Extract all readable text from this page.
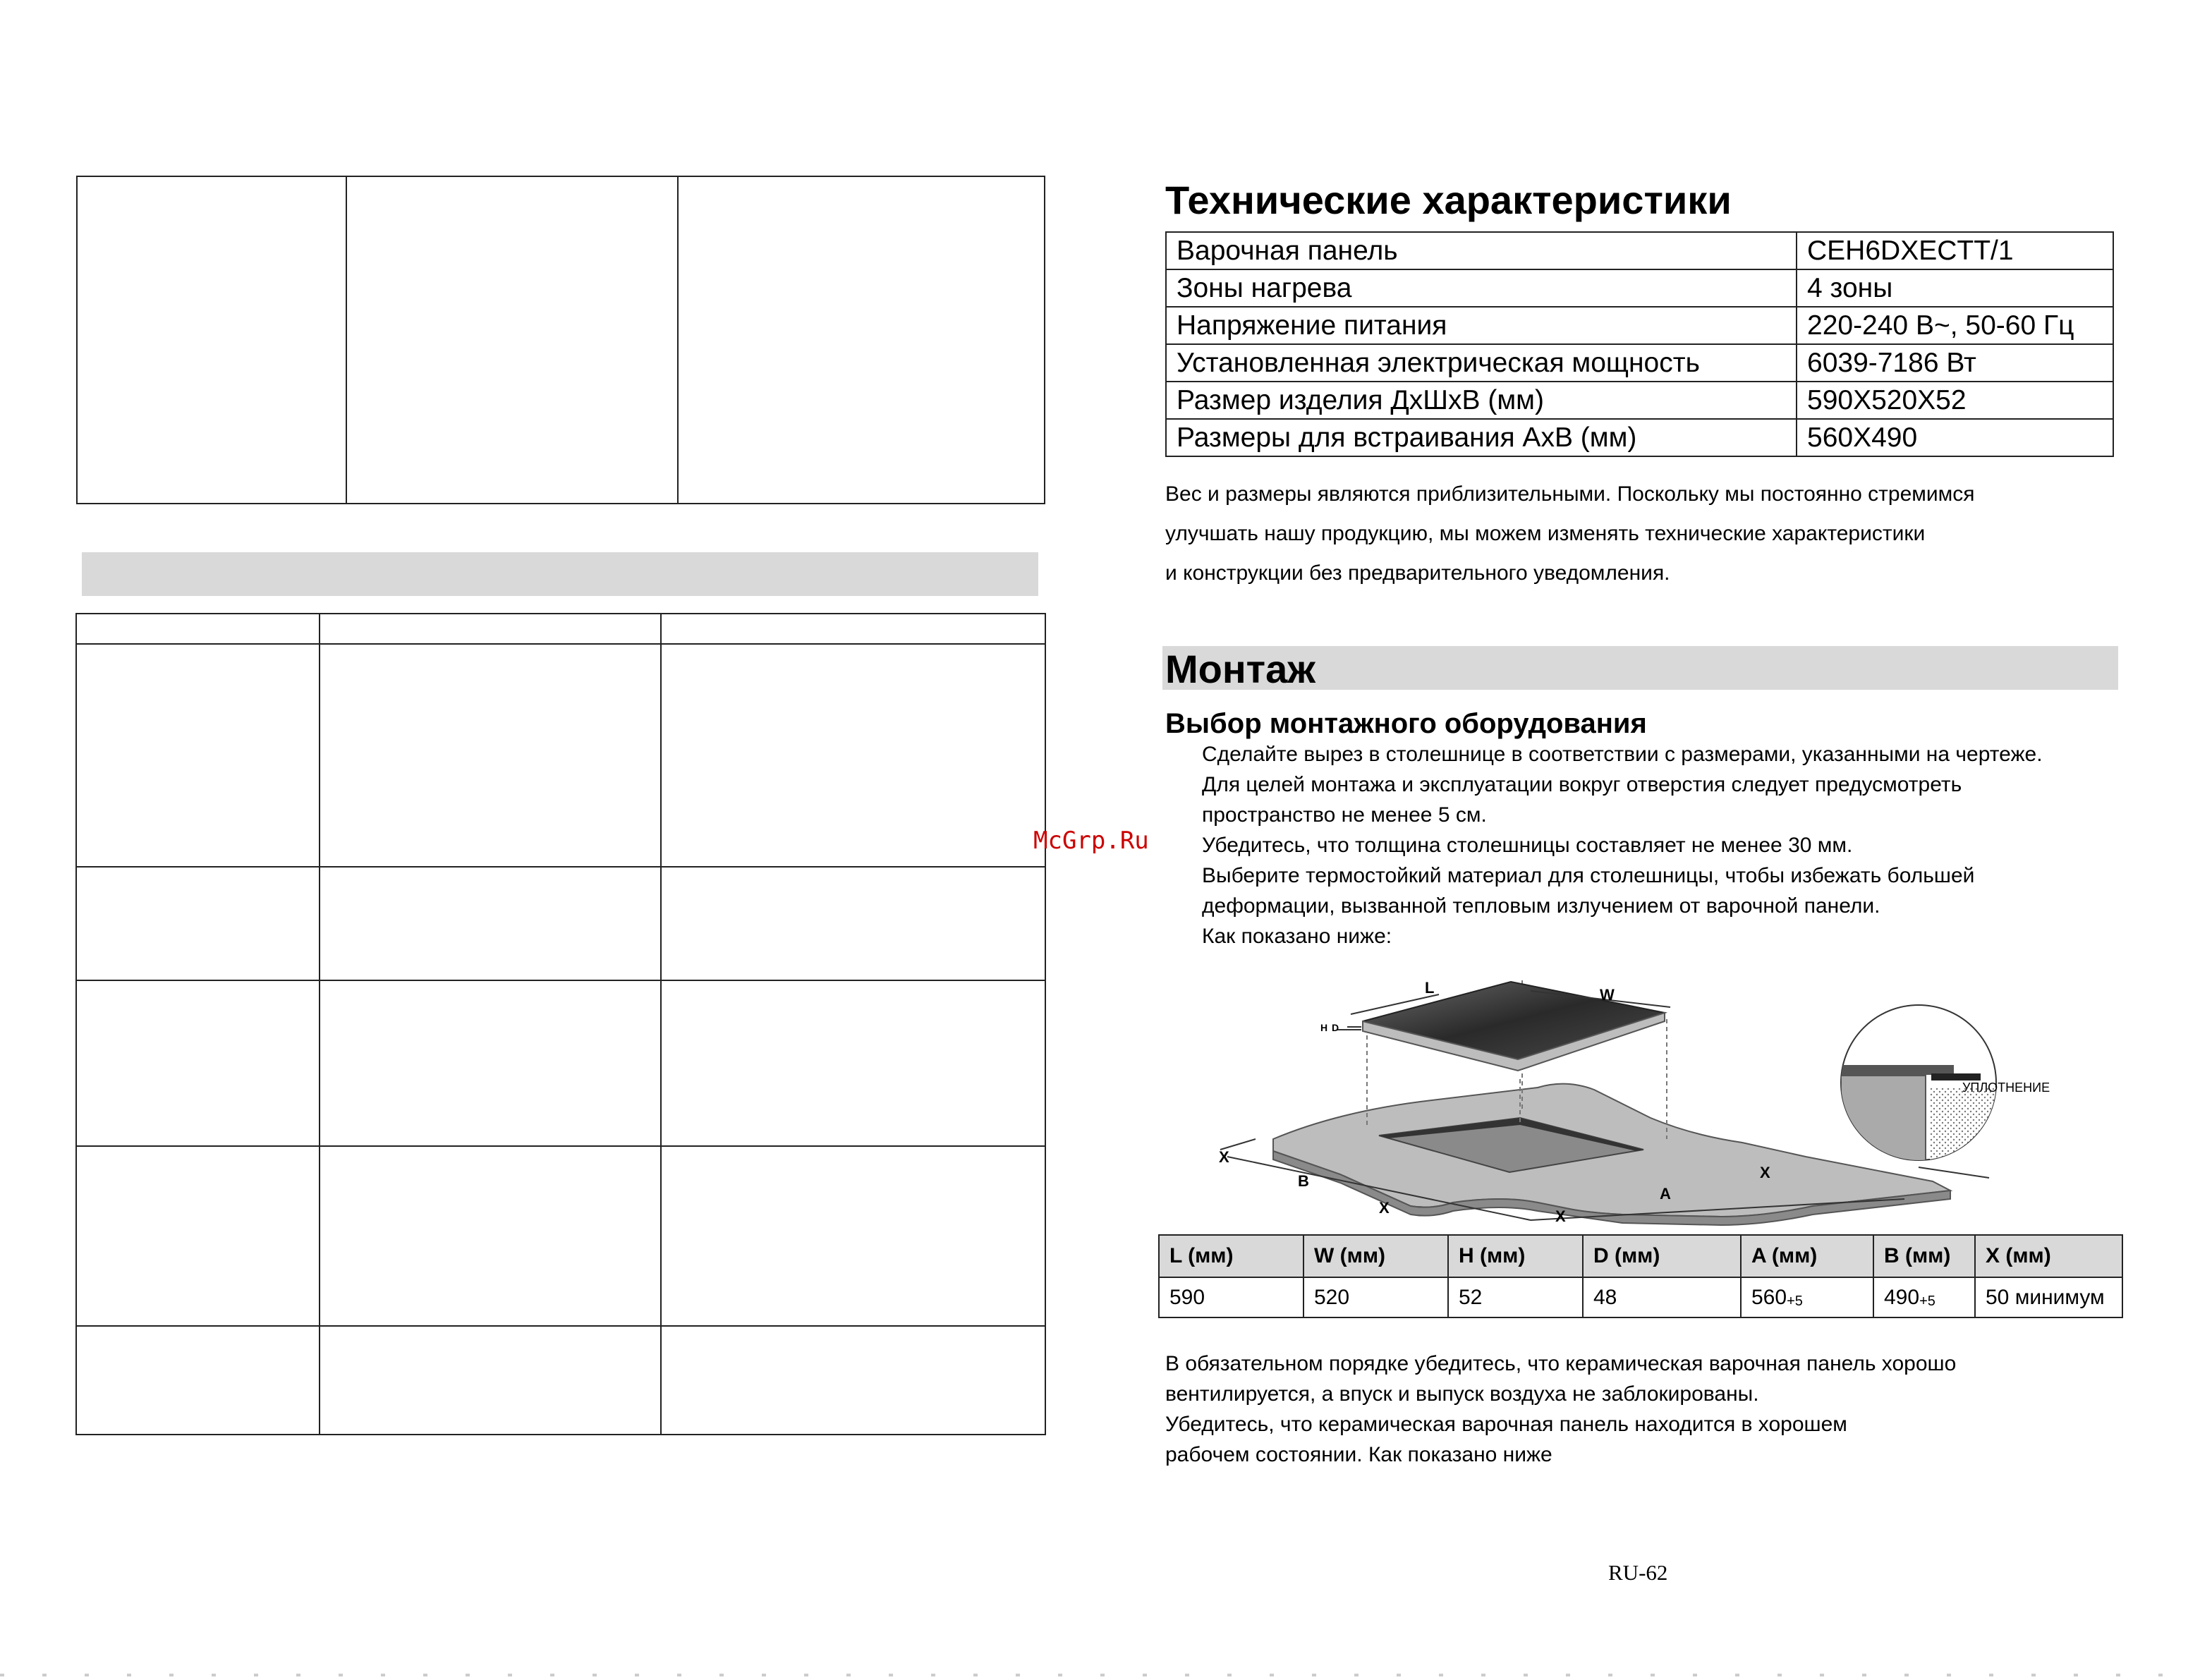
Технические характеристики
Варочная панель	CEH6DXECTT/1
Зоны нагрева	4 зоны
Напряжение питания	220-240 В~, 50-60 Гц
Установленная электрическая мощность	6039-7186 Вт
Размер изделия ДхШхВ (мм)	590X520X52
Размеры для встраивания АхВ (мм)	560X490
Вес и размеры являются приблизительными. Поскольку мы постоянно стремимся
улучшать нашу продукцию, мы можем изменять технические характеристики
и конструкции без предварительного уведомления.
Монтаж
Выбор монтажного оборудования
Сделайте вырез в столешнице в соответствии с размерами, указанными на чертеже.
Для целей монтажа и эксплуатации вокруг отверстия следует предусмотреть
пространство не менее 5 см.
Убедитесь, что толщина столешницы составляет не менее 30 мм.
Выберите термостойкий материал для столешницы, чтобы избежать большей
деформации, вызванной тепловым излучением от варочной панели.
Как показано ниже:
McGrp.Ru
L	W
H D
X
B
X	X
A
X
УПЛОТНЕНИЕ
L (мм)	W (мм)	H (мм)	D (мм)	A (мм)	B (мм)	X (мм)
590	520	52	48	$560_{+5}$	$490_{+5}$	50 минимум
В обязательном порядке убедитесь, что керамическая варочная панель хорошо
вентилируется, а впуск и выпуск воздуха не заблокированы.
Убедитесь, что керамическая варочная панель находится в хорошем
рабочем состоянии. Как показано ниже
RU-62
